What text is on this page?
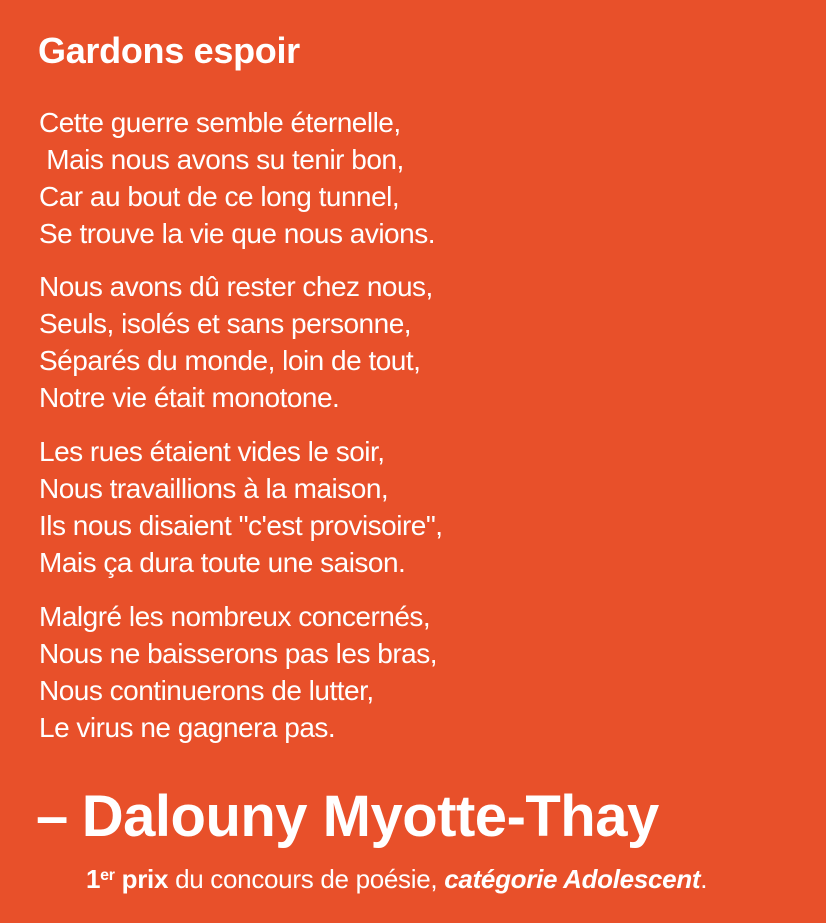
Gardons espoir

Cette guerre semble éternelle,
Mais nous avons su tenir bon,
Car au bout de ce long tunnel,
Se trouve la vie que nous avions.

Nous avons dû rester chez nous,
Seuls, isolés et sans personne,
Séparés du monde, loin de tout,
Notre vie était monotone.

Les rues étaient vides le soir,
Nous travaillions à la maison,
Ils nous disaient "c'est provisoire",
Mais ça dura toute une saison.

Malgré les nombreux concernés,
Nous ne baisserons pas les bras,
Nous continuerons de lutter,
Le virus ne gagnera pas.

– Dalouny Myotte-Thay
1er prix du concours de poésie, catégorie Adolescent.
